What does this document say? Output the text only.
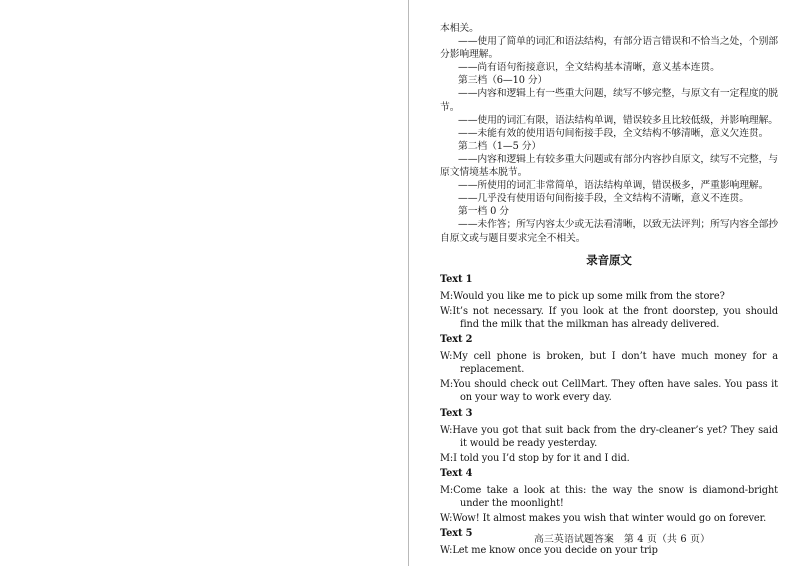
本相关。

——使用了简单的词汇和语法结构，有部分语言错误和不恰当之处，个别部分影响理解。

——尚有语句衔接意识，全文结构基本清晰，意义基本连贯。

第三档（6—10 分）

——内容和逻辑上有一些重大问题，续写不够完整，与原文有一定程度的脱节。

——使用的词汇有限，语法结构单调，错误较多且比较低级，并影响理解。

——未能有效的使用语句间衔接手段，全文结构不够清晰，意义欠连贯。

第二档（1—5 分）

——内容和逻辑上有较多重大问题或有部分内容抄自原文，续写不完整，与原文情境基本脱节。

——所使用的词汇非常简单，语法结构单调，错误极多，严重影响理解。

——几乎没有使用语句间衔接手段，全文结构不清晰，意义不连贯。

第一档 0 分

——未作答；所写内容太少或无法看清晰，以致无法评判；所写内容全部抄自原文或与题目要求完全不相关。

录音原文
Text 1

M:Would you like me to pick up some milk from the store?

W:It’s not necessary. If you look at the front doorstep, you should find the milk that the milkman has already delivered.

Text 2

W:My cell phone is broken, but I don’t have much money for a replacement.

M:You should check out CellMart. They often have sales. You pass it on your way to work every day.

Text 3

W:Have you got that suit back from the dry-cleaner’s yet? They said it would be ready yesterday.

M:I told you I’d stop by for it and I did.

Text 4

M:Come take a look at this: the way the snow is diamond-bright under the moonlight!

W:Wow! It almost makes you wish that winter would go on forever.

Text 5

W:Let me know once you decide on your trip

高三英语试题答案 第 4 页（共 6 页）
